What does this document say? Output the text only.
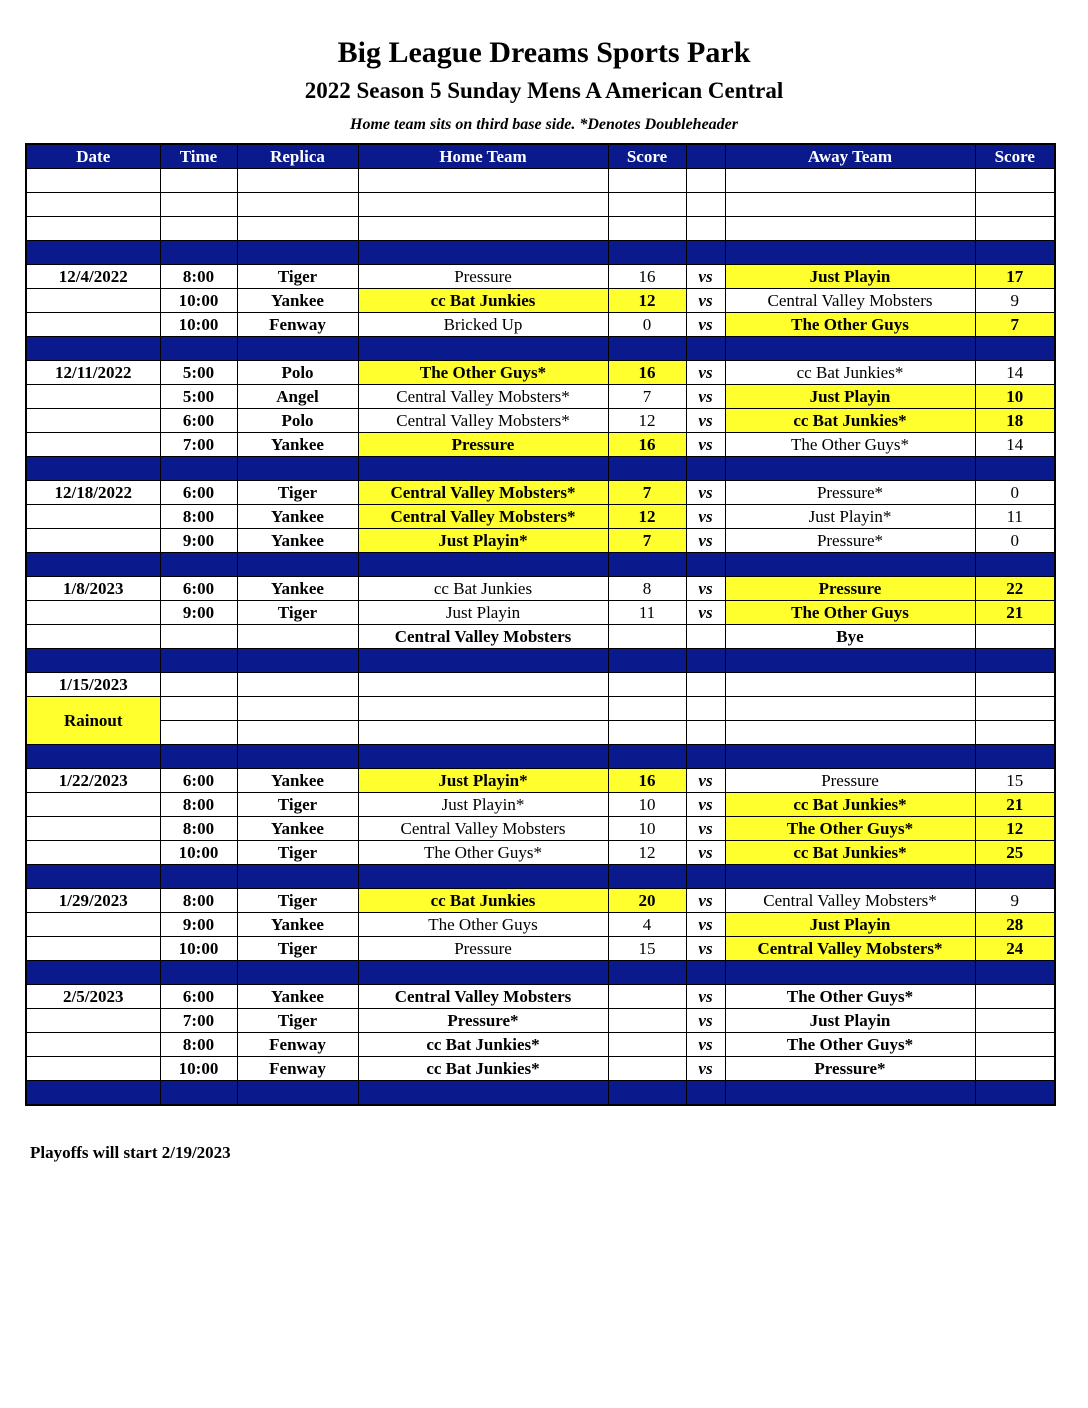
Big League Dreams Sports Park
2022 Season 5 Sunday Mens A American Central
Home team sits on third base side. *Denotes Doubleheader
Date	Time	Replica	Home Team	Score		Away Team	Score

12/4/2022	8:00	Tiger	Pressure	16	vs	Just Playin	17
	10:00	Yankee	cc Bat Junkies	12	vs	Central Valley Mobsters	9
	10:00	Fenway	Bricked Up	0	vs	The Other Guys	7

12/11/2022	5:00	Polo	The Other Guys*	16	vs	cc Bat Junkies*	14
	5:00	Angel	Central Valley Mobsters*	7	vs	Just Playin	10
	6:00	Polo	Central Valley Mobsters*	12	vs	cc Bat Junkies*	18
	7:00	Yankee	Pressure	16	vs	The Other Guys*	14

12/18/2022	6:00	Tiger	Central Valley Mobsters*	7	vs	Pressure*	0
	8:00	Yankee	Central Valley Mobsters*	12	vs	Just Playin*	11
	9:00	Yankee	Just Playin*	7	vs	Pressure*	0

1/8/2023	6:00	Yankee	cc Bat Junkies	8	vs	Pressure	22
	9:00	Tiger	Just Playin	11	vs	The Other Guys	21
			Central Valley Mobsters			Bye	

1/15/2023							
Rainout							

1/22/2023	6:00	Yankee	Just Playin*	16	vs	Pressure	15
	8:00	Tiger	Just Playin*	10	vs	cc Bat Junkies*	21
	8:00	Yankee	Central Valley Mobsters	10	vs	The Other Guys*	12
	10:00	Tiger	The Other Guys*	12	vs	cc Bat Junkies*	25

1/29/2023	8:00	Tiger	cc Bat Junkies	20	vs	Central Valley Mobsters*	9
	9:00	Yankee	The Other Guys	4	vs	Just Playin	28
	10:00	Tiger	Pressure	15	vs	Central Valley Mobsters*	24

2/5/2023	6:00	Yankee	Central Valley Mobsters		vs	The Other Guys*	
	7:00	Tiger	Pressure*		vs	Just Playin	
	8:00	Fenway	cc Bat Junkies*		vs	The Other Guys*	
	10:00	Fenway	cc Bat Junkies*		vs	Pressure*	

Playoffs will start 2/19/2023
